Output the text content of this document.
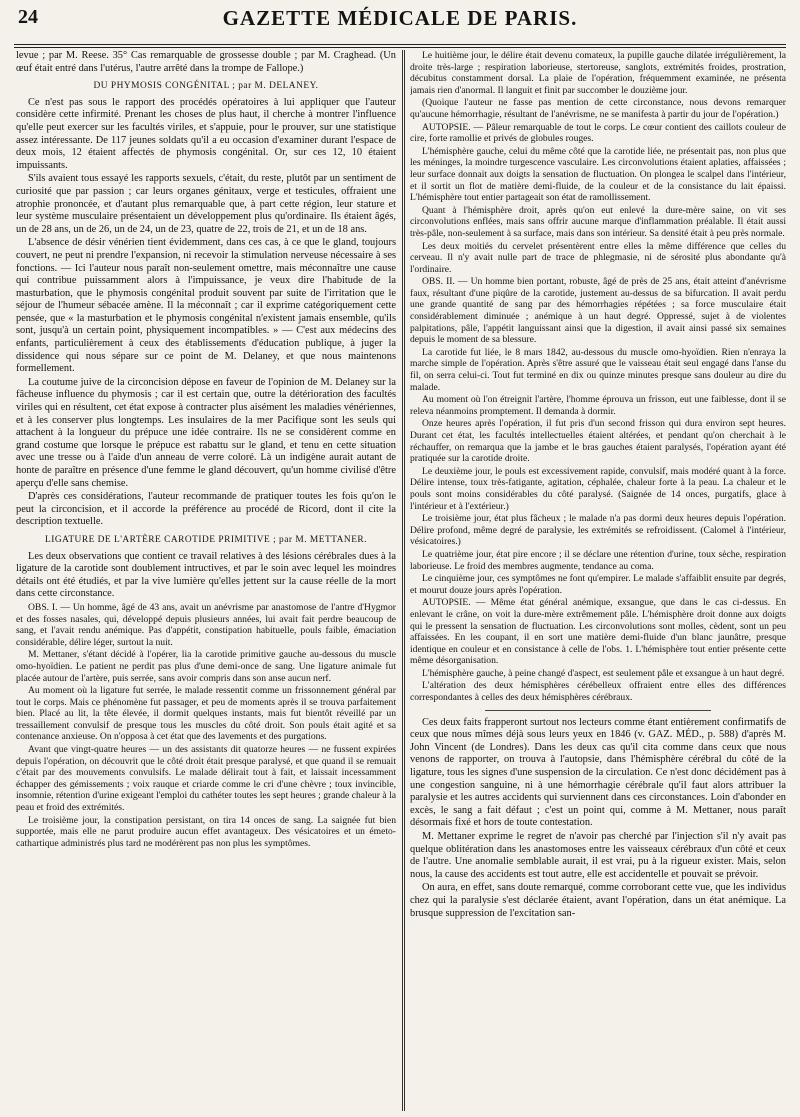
24	GAZETTE MÉDICALE DE PARIS.

levue ; par M. Reese. 35° Cas remarquable de grossesse double ; par M. Craghead. (Un œuf était entré dans l'utérus, l'autre arrêté dans la trompe de Fallope.)

DU PHYMOSIS CONGÉNITAL ; par M. DELANEY.

Ce n'est pas sous le rapport des procédés opératoires à lui appliquer que l'auteur considère cette infirmité. Prenant les choses de plus haut, il cherche à montrer l'influence qu'elle peut exercer sur les facultés viriles, et s'appuie, pour le prouver, sur une statistique assez intéressante. De 117 jeunes soldats qu'il a eu occasion d'examiner durant l'espace de deux mois, 12 étaient affectés de phymosis congénital. Or, sur ces 12, 10 étaient impuissants.

S'ils avaient tous essayé les rapports sexuels, c'était, du reste, plutôt par un sentiment de curiosité que par passion ; car leurs organes génitaux, verge et testicules, offraient une atrophie prononcée, et d'autant plus remarquable que, à part cette région, leur stature et leur système musculaire présentaient un développement plus qu'ordinaire. Ils étaient âgés, un de 28 ans, un de 26, un de 24, un de 23, quatre de 22, trois de 21, et un de 18 ans.

L'absence de désir vénérien tient évidemment, dans ces cas, à ce que le gland, toujours couvert, ne peut ni prendre l'expansion, ni recevoir la stimulation nerveuse nécessaire à ses fonctions. — Ici l'auteur nous paraît non-seulement omettre, mais méconnaître une cause qui contribue puissamment alors à l'impuissance, je veux dire l'habitude de la masturbation, que le phymosis congénital produit souvent par suite de l'irritation que le séjour de l'humeur sébacée amène. Il la méconnaît ; car il exprime catégoriquement cette pensée, que « la masturbation et le phymosis congénital n'existent jamais ensemble, qu'ils sont, jusqu'à un certain point, physiquement incompatibles. » — C'est aux médecins des enfants, particulièrement à ceux des établissements d'éducation publique, à juger la dissidence qui nous sépare sur ce point de M. Delaney, et que nous maintenons formellement.

La coutume juive de la circoncision dépose en faveur de l'opinion de M. Delaney sur la fâcheuse influence du phymosis ; car il est certain que, outre la détérioration des facultés viriles qui en résultent, cet état expose à contracter plus aisément les maladies vénériennes, et à les conserver plus longtemps. Les insulaires de la mer Pacifique sont les seuls qui attachent à la longueur du prépuce une idée contraire. Ils ne se considèrent comme en grand costume que lorsque le prépuce est rabattu sur le gland, et tenu en cette situation avec une tresse ou à l'aide d'un anneau de verre coloré. Là un indigène aurait autant de honte de paraître en présence d'une femme le gland découvert, qu'un homme civilisé d'être aperçu d'elle sans chemise.

D'après ces considérations, l'auteur recommande de pratiquer toutes les fois qu'on le peut la circoncision, et il accorde la préférence au procédé de Ricord, dont il cite la description textuelle.

LIGATURE DE L'ARTÈRE CAROTIDE PRIMITIVE ; par M. METTANER.

Les deux observations que contient ce travail relatives à des lésions cérébrales dues à la ligature de la carotide sont doublement intructives, et par le soin avec lequel les moindres détails ont été étudiés, et par la vive lumière qu'elles jettent sur la cause réelle de la mort dans cette circonstance.

OBS. I. — Un homme, âgé de 43 ans, avait un anévrisme par anastomose de l'antre d'Hygmor et des fosses nasales, qui, développé depuis plusieurs années, lui avait fait perdre beaucoup de sang, et l'avait rendu anémique. Pas d'appétit, constipation habituelle, pouls faible, émaciation considérable, délire léger, surtout la nuit.

M. Mettaner, s'étant décidé à l'opérer, lia la carotide primitive gauche au-dessous du muscle omo-hyoïdien. Le patient ne perdit pas plus d'une demi-once de sang. Une ligature animale fut placée autour de l'artère, puis serrée, sans avoir compris dans son anse aucun nerf.

Au moment où la ligature fut serrée, le malade ressentit comme un frissonnement général par tout le corps. Mais ce phénomène fut passager, et peu de moments après il se trouva parfaitement bien. Placé au lit, la tête élevée, il dormit quelques instants, mais fut bientôt réveillé par un tressaillement convulsif de presque tous les muscles du côté droit. Son pouls était agité et sa contenance anxieuse. On n'opposa à cet état que des lavements et des purgations.

Avant que vingt-quatre heures — un des assistants dit quatorze heures — ne fussent expirées depuis l'opération, on découvrit que le côté droit était presque paralysé, et que quand il se remuait c'était par des mouvements convulsifs. Le malade délirait tout à fait, et laissait incessamment échapper des gémissements ; voix rauque et criarde comme le cri d'une chèvre ; toux invincible, insomnie, rétention d'urine exigeant l'emploi du cathéter toutes les sept heures ; grande chaleur à la peau et froid des extrémités.

Le troisième jour, la constipation persistant, on tira 14 onces de sang. La saignée fut bien supportée, mais elle ne parut produire aucun effet avantageux. Des vésicatoires et un émeto-cathartique administrés plus tard ne modérèrent pas non plus les symptômes.

Le huitième jour, le délire était devenu comateux, la pupille gauche dilatée irrégulièrement, la droite très-large ; respiration laborieuse, stertoreuse, sanglots, extrémités froides, prostration, décubitus constamment dorsal. La plaie de l'opération, fréquemment examinée, ne présenta jamais rien d'anormal. Il languit et finit par succomber le douzième jour.

(Quoique l'auteur ne fasse pas mention de cette circonstance, nous devons remarquer qu'aucune hémorrhagie, résultant de l'anévrisme, ne se manifesta à partir du jour de l'opération.)

AUTOPSIE. — Pâleur remarquable de tout le corps. Le cœur contient des caillots couleur de cire, forte ramollie et privés de globules rouges.

L'hémisphère gauche, celui du même côté que la carotide liée, ne présentait pas, non plus que les méninges, la moindre turgescence vasculaire. Les circonvolutions étaient aplaties, affaissées ; leur surface donnait aux doigts la sensation de fluctuation. On plongea le scalpel dans l'intérieur, et il sortit un flot de matière demi-fluide, de la couleur et de la consistance du lait épaissi. L'hémisphère tout entier partageait son état de ramollissement.

Quant à l'hémisphère droit, après qu'on eut enlevé la dure-mère saine, on vit ses circonvolutions enflées, mais sans offrir aucune marque d'inflammation préalable. Il était aussi très-pâle, non-seulement à sa surface, mais dans son intérieur. Sa densité était à peu près normale.

Les deux moitiés du cervelet présentèrent entre elles la même différence que celles du cerveau. Il n'y avait nulle part de trace de phlegmasie, ni de sérosité plus abondante qu'à l'ordinaire.

OBS. II. — Un homme bien portant, robuste, âgé de près de 25 ans, était atteint d'anévrisme faux, résultant d'une piqûre de la carotide, justement au-dessus de sa bifurcation. Il avait perdu une grande quantité de sang par des hémorrhagies répétées ; sa force musculaire était considérablement diminuée ; anémique à un haut degré. Oppressé, sujet à de violentes palpitations, pâle, l'appétit languissant ainsi que la digestion, il avait ainsi passé six semaines depuis le moment de sa blessure.

La carotide fut liée, le 8 mars 1842, au-dessous du muscle omo-hyoïdien. Rien n'enraya la marche simple de l'opération. Après s'être assuré que le vaisseau était seul engagé dans l'anse du fil, on serra celui-ci. Tout fut terminé en dix ou quinze minutes presque sans douleur au dire du malade.

Au moment où l'on étreignit l'artère, l'homme éprouva un frisson, eut une faiblesse, dont il se releva néanmoins promptement. Il demanda à dormir.

Onze heures après l'opération, il fut pris d'un second frisson qui dura environ sept heures. Durant cet état, les facultés intellectuelles étaient altérées, et pendant qu'on cherchait à le réchauffer, on remarqua que la jambe et le bras gauches étaient paralysés, l'opération ayant été pratiquée sur la carotide droite.

Le deuxième jour, le pouls est excessivement rapide, convulsif, mais modéré quant à la force. Délire intense, toux très-fatigante, agitation, céphalée, chaleur forte à la peau. La chaleur et le pouls sont moins considérables du côté paralysé. (Saignée de 14 onces, purgatifs, glace à l'intérieur et à l'extérieur.)

Le troisième jour, état plus fâcheux ; le malade n'a pas dormi deux heures depuis l'opération. Délire profond, même degré de paralysie, les extrémités se refroidissent. (Calomel à l'intérieur, vésicatoires.)

Le quatrième jour, état pire encore ; il se déclare une rétention d'urine, toux sèche, respiration laborieuse. Le froid des membres augmente, tendance au coma.

Le cinquième jour, ces symptômes ne font qu'empirer. Le malade s'affaiblit ensuite par degrés, et mourut douze jours après l'opération.

AUTOPSIE. — Même état général anémique, exsangue, que dans le cas ci-dessus. En enlevant le crâne, on voit la dure-mère extrêmement pâle. L'hémisphère droit donne aux doigts qui le pressent la sensation de fluctuation. Les circonvolutions sont molles, cèdent, sont un peu affaissées. En les coupant, il en sort une matière demi-fluide d'un blanc jaunâtre, presque identique en couleur et en consistance à celle de l'obs. 1. L'hémisphère tout entier présente cette même désorganisation.

L'hémisphère gauche, à peine changé d'aspect, est seulement pâle et exsangue à un haut degré.

L'altération des deux hémisphères cérébelleux offraient entre elles des différences correspondantes à celles des deux hémisphères cérébraux.

Ces deux faits frapperont surtout nos lecteurs comme étant entièrement confirmatifs de ceux que nous mîmes déjà sous leurs yeux en 1846 (v. GAZ. MÉD., p. 588) d'après M. John Vincent (de Londres). Dans les deux cas qu'il cita comme dans ceux que nous venons de rapporter, on trouva à l'autopsie, dans l'hémisphère cérébral du côté de la ligature, tous les signes d'une suspension de la circulation. Ce n'est donc décidément pas à une congestion sanguine, ni à une hémorrhagie cérébrale qu'il faut alors attribuer la paralysie et les autres accidents qui surviennent dans ces circonstances. Loin d'abonder en excès, le sang a fait défaut ; c'est un point qui, comme à M. Mettaner, nous paraît désormais fixé et hors de toute contestation.

M. Mettaner exprime le regret de n'avoir pas cherché par l'injection s'il n'y avait pas quelque oblitération dans les anastomoses entre les vaisseaux cérébraux d'un côté et ceux de l'autre. Une anomalie semblable aurait, il est vrai, pu à la rigueur exister. Mais, selon nous, la cause des accidents est tout autre, elle est accidentelle et pouvait se prévoir.

On aura, en effet, sans doute remarqué, comme corroborant cette vue, que les individus chez qui la paralysie s'est déclarée étaient, avant l'opération, dans un état anémique. La brusque suppression de l'excitation san-
